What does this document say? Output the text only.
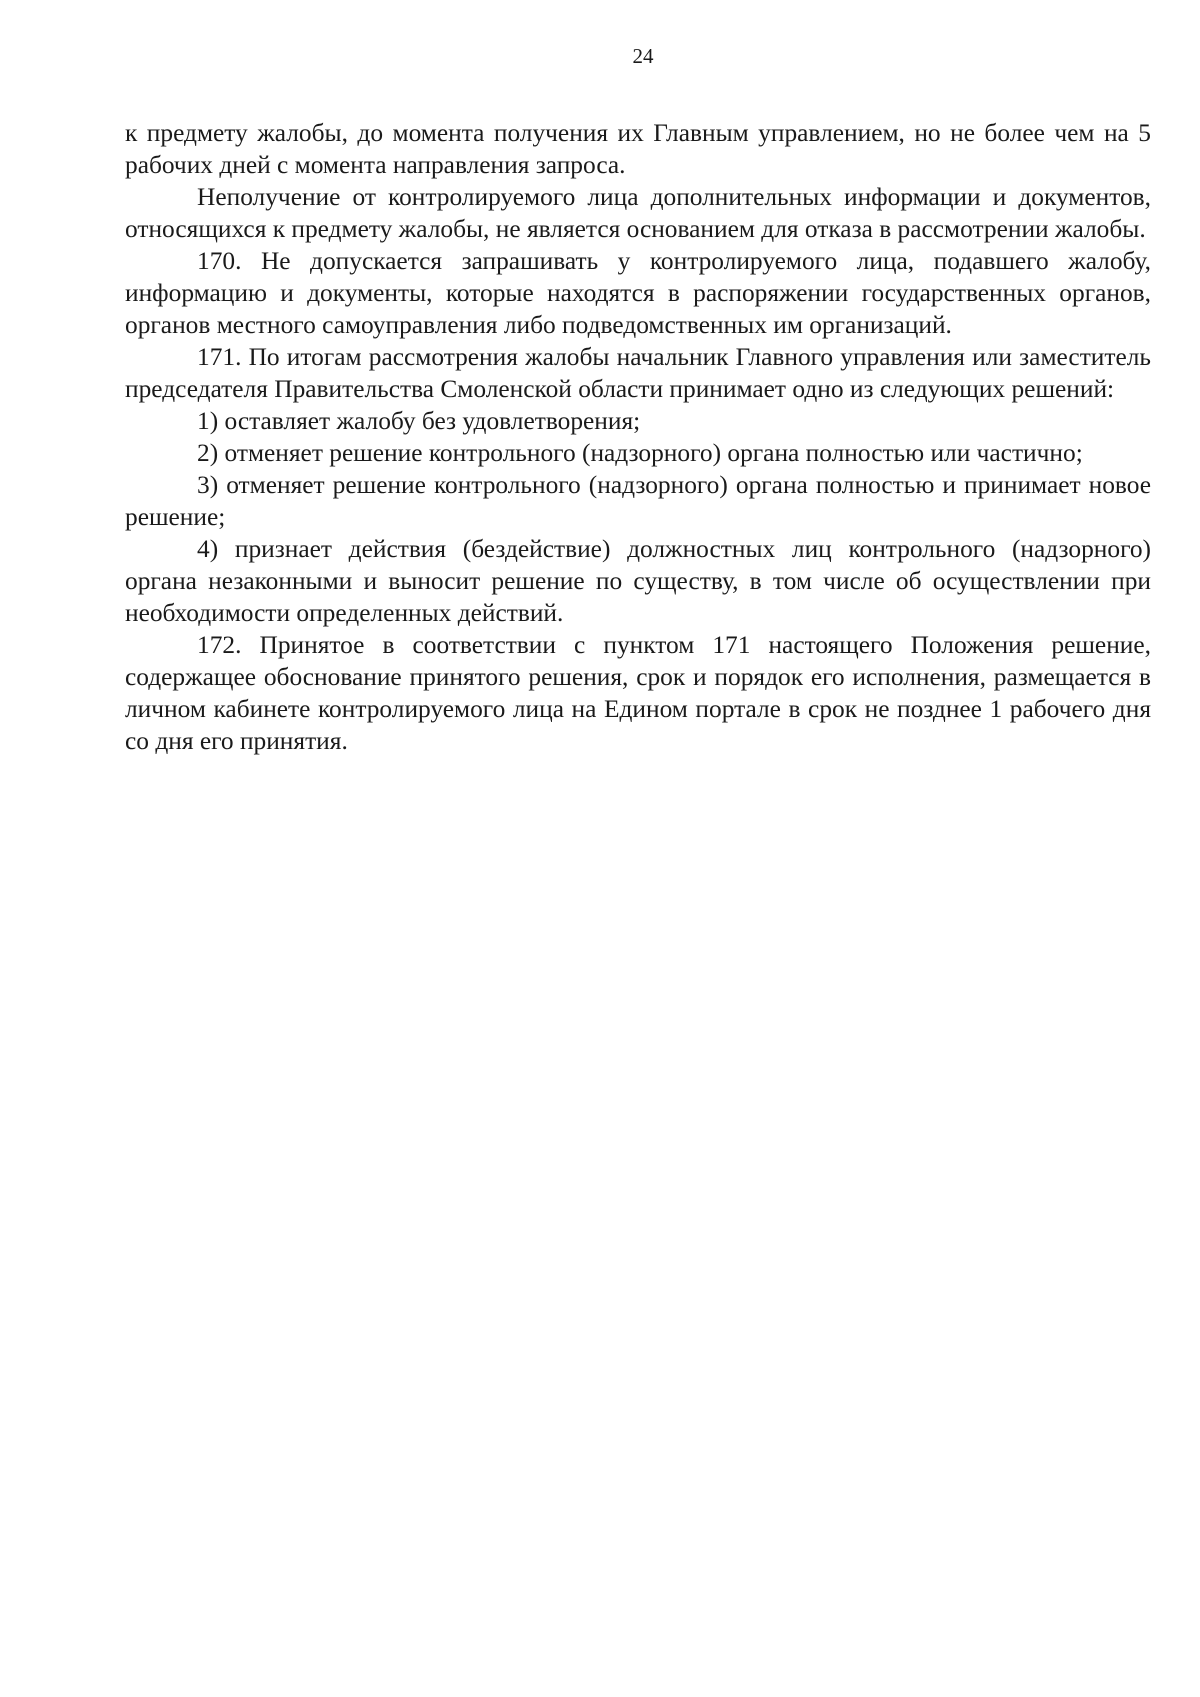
24

к предмету жалобы, до момента получения их Главным управлением, но не более чем на 5 рабочих дней с момента направления запроса.

Неполучение от контролируемого лица дополнительных информации и документов, относящихся к предмету жалобы, не является основанием для отказа в рассмотрении жалобы.

170. Не допускается запрашивать у контролируемого лица, подавшего жалобу, информацию и документы, которые находятся в распоряжении государственных органов, органов местного самоуправления либо подведомственных им организаций.

171. По итогам рассмотрения жалобы начальник Главного управления или заместитель председателя Правительства Смоленской области принимает одно из следующих решений:

1) оставляет жалобу без удовлетворения;

2) отменяет решение контрольного (надзорного) органа полностью или частично;

3) отменяет решение контрольного (надзорного) органа полностью и принимает новое решение;

4) признает действия (бездействие) должностных лиц контрольного (надзорного) органа незаконными и выносит решение по существу, в том числе об осуществлении при необходимости определенных действий.

172. Принятое в соответствии с пунктом 171 настоящего Положения решение, содержащее обоснование принятого решения, срок и порядок его исполнения, размещается в личном кабинете контролируемого лица на Едином портале в срок не позднее 1 рабочего дня со дня его принятия.
